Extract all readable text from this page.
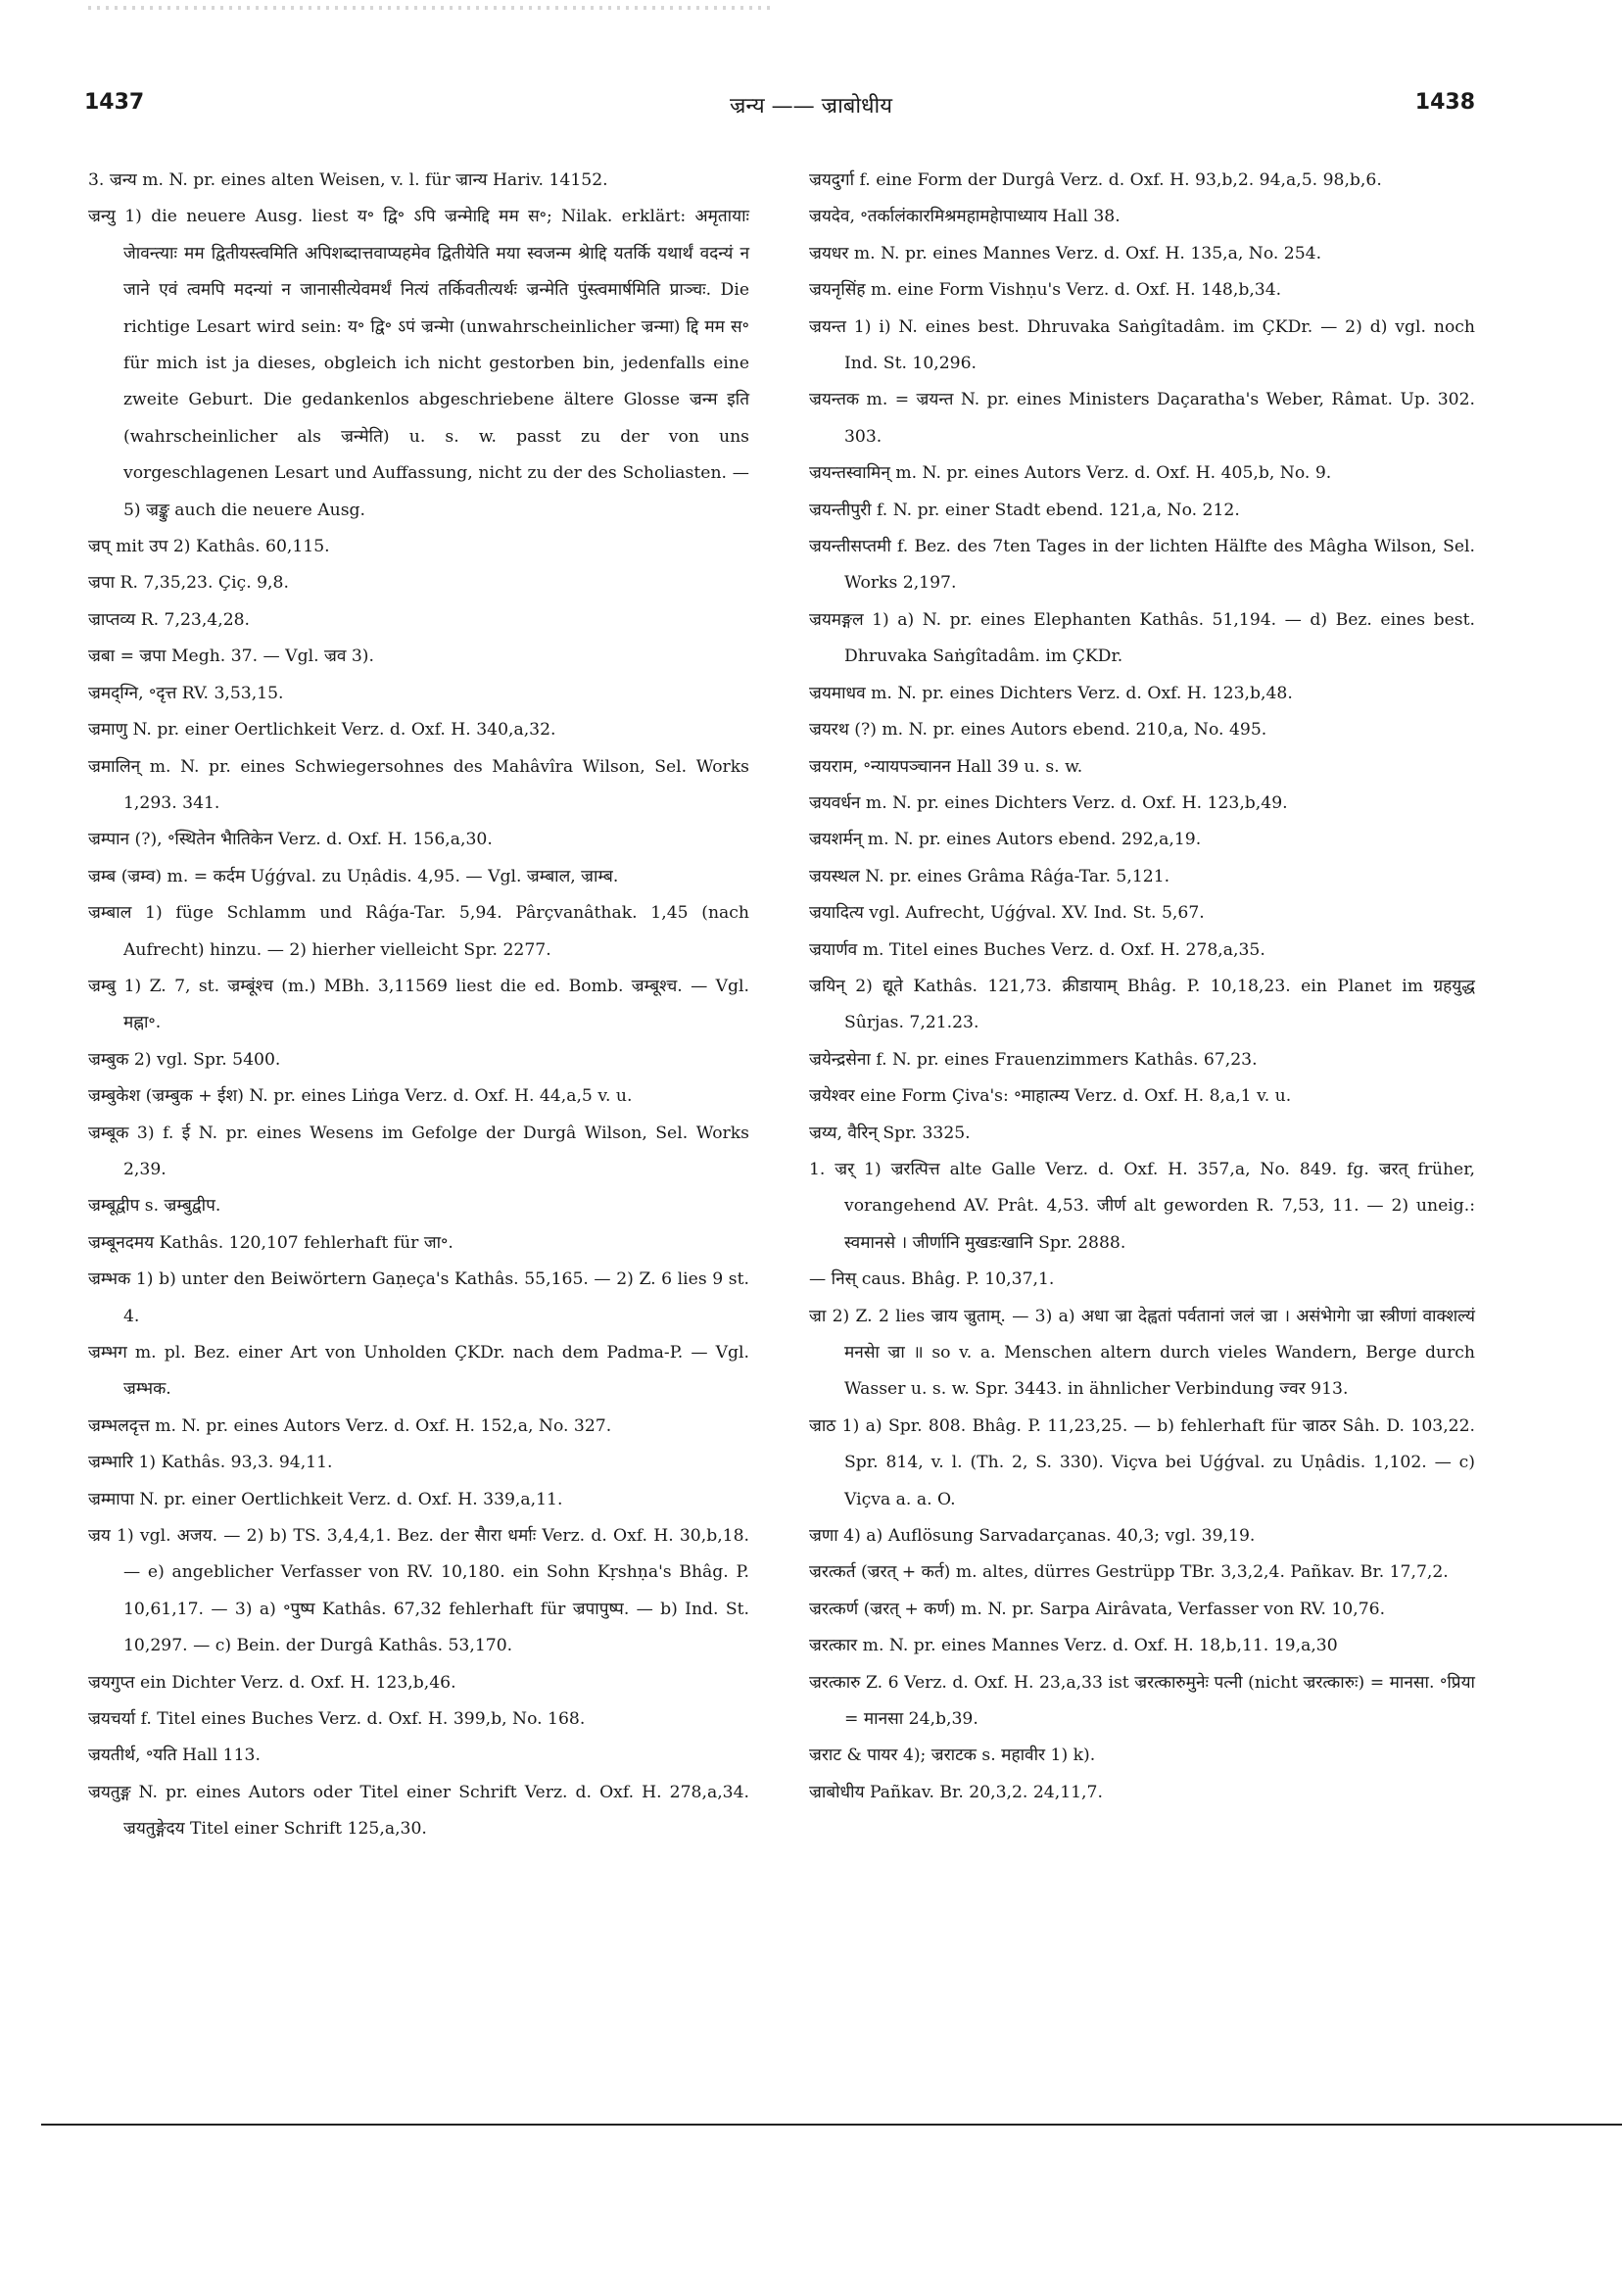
1437	ज्रन्य —— ज्राबोधीय	1438

3. ज्रन्य m. N. pr. eines alten Weisen, v. l. für ज्रान्य Hariv. 14152.

ज्रन्यु 1) die neuere Ausg. liest य॰ द्वि॰ ऽपि ज्रन्मेाद्दि मम स॰; Nilak. erklärt: अमृतायाः जेावन्त्याः मम द्वितीयस्त्वमिति अपिशब्दात्तवाप्यहमेव द्वितीयेति मया स्वजन्म श्रेाद्दि यतर्कि यथार्थं वदन्यं न जाने एवं त्वमपि मदन्यां न जानासीत्येवमर्थं नित्यं तर्किवतीत्यर्थः ज्रन्मेति पुंस्त्वमार्षमिति प्राञ्चः. Die richtige Lesart wird sein: य॰ द्वि॰ ऽपं ज्रन्मेा (unwahrscheinlicher ज्रन्मा) द्दि मम स॰ für mich ist ja dieses, obgleich ich nicht gestorben bin, jedenfalls eine zweite Geburt. Die gedankenlos abgeschriebene ältere Glosse ज्रन्म इति (wahrscheinlicher als ज्रन्मेति) u. s. w. passt zu der von uns vorgeschlagenen Lesart und Auffassung, nicht zu der des Scholiasten. — 5) ज्रङ्कु auch die neuere Ausg.

ज्रप् mit उप 2) Kathâs. 60,115.

ज्रपा R. 7,35,23. Çiç. 9,8.

ज्राप्तव्य R. 7,23,4,28.

ज्रबा = ज्रपा Megh. 37. — Vgl. ज्रव 3).

ज्रमद्ग्नि, ॰दृत्त RV. 3,53,15.

ज्रमाणु N. pr. einer Oertlichkeit Verz. d. Oxf. H. 340,a,32.

ज्रमालिन् m. N. pr. eines Schwiegersohnes des Mahâvîra Wilson, Sel. Works 1,293. 341.

ज्रम्पान (?), ॰स्थितेन भैातिकेन Verz. d. Oxf. H. 156,a,30.

ज्रम्ब (ज्रम्व) m. = कर्दम Uǵǵval. zu Uṇâdis. 4,95. — Vgl. ज्रम्बाल, ज्राम्ब.

ज्रम्बाल 1) füge Schlamm und Râǵa-Tar. 5,94. Pârçvanâthak. 1,45 (nach Aufrecht) hinzu. — 2) hierher vielleicht Spr. 2277.

ज्रम्बु 1) Z. 7, st. ज्रम्बूंश्च (m.) MBh. 3,11569 liest die ed. Bomb. ज्रम्बूश्च. — Vgl. मह्ना॰.

ज्रम्बुक 2) vgl. Spr. 5400.

ज्रम्बुकेश (ज्रम्बुक + ईश) N. pr. eines Liṅga Verz. d. Oxf. H. 44,a,5 v. u.

ज्रम्बूक 3) f. ई N. pr. eines Wesens im Gefolge der Durgâ Wilson, Sel. Works 2,39.

ज्रम्बूद्वीप s. ज्रम्बुद्वीप.

ज्रम्बूनदमय Kathâs. 120,107 fehlerhaft für जा॰.

ज्रम्भक 1) b) unter den Beiwörtern Gaṇeça's Kathâs. 55,165. — 2) Z. 6 lies 9 st. 4.

ज्रम्भग m. pl. Bez. einer Art von Unholden ÇKDr. nach dem Padma-P. — Vgl. ज्रम्भक.

ज्रम्भलदृत्त m. N. pr. eines Autors Verz. d. Oxf. H. 152,a, No. 327.

ज्रम्भारि 1) Kathâs. 93,3. 94,11.

ज्रम्मापा N. pr. einer Oertlichkeit Verz. d. Oxf. H. 339,a,11.

ज्रय 1) vgl. अजय. — 2) b) TS. 3,4,4,1. Bez. der सैारा धर्माः Verz. d. Oxf. H. 30,b,18. — e) angeblicher Verfasser von RV. 10,180. ein Sohn Kṛshṇa's Bhâg. P. 10,61,17. — 3) a) ॰पुष्प Kathâs. 67,32 fehlerhaft für ज्रपापुष्प. — b) Ind. St. 10,297. — c) Bein. der Durgâ Kathâs. 53,170.

ज्रयगुप्त ein Dichter Verz. d. Oxf. H. 123,b,46.

ज्रयचर्या f. Titel eines Buches Verz. d. Oxf. H. 399,b, No. 168.

ज्रयतीर्थ, ॰यति Hall 113.

ज्रयतुङ्ग N. pr. eines Autors oder Titel einer Schrift Verz. d. Oxf. H. 278,a,34. ज्रयतुङ्गेदय Titel einer Schrift 125,a,30.

ज्रयदुर्गा f. eine Form der Durgâ Verz. d. Oxf. H. 93,b,2. 94,a,5. 98,b,6.

ज्रयदेव, ॰तर्कालंकारमिश्रमहामहेापाध्याय Hall 38.

ज्रयधर m. N. pr. eines Mannes Verz. d. Oxf. H. 135,a, No. 254.

ज्रयनृसिंह m. eine Form Vishṇu's Verz. d. Oxf. H. 148,b,34.

ज्रयन्त 1) i) N. eines best. Dhruvaka Saṅgîtadâm. im ÇKDr. — 2) d) vgl. noch Ind. St. 10,296.

ज्रयन्तक m. = ज्रयन्त N. pr. eines Ministers Daçaratha's Weber, Râmat. Up. 302. 303.

ज्रयन्तस्वामिन् m. N. pr. eines Autors Verz. d. Oxf. H. 405,b, No. 9.

ज्रयन्तीपुरी f. N. pr. einer Stadt ebend. 121,a, No. 212.

ज्रयन्तीसप्तमी f. Bez. des 7ten Tages in der lichten Hälfte des Mâgha Wilson, Sel. Works 2,197.

ज्रयमङ्गल 1) a) N. pr. eines Elephanten Kathâs. 51,194. — d) Bez. eines best. Dhruvaka Saṅgîtadâm. im ÇKDr.

ज्रयमाधव m. N. pr. eines Dichters Verz. d. Oxf. H. 123,b,48.

ज्रयरथ (?) m. N. pr. eines Autors ebend. 210,a, No. 495.

ज्रयराम, ॰न्यायपञ्चानन Hall 39 u. s. w.

ज्रयवर्धन m. N. pr. eines Dichters Verz. d. Oxf. H. 123,b,49.

ज्रयशर्मन् m. N. pr. eines Autors ebend. 292,a,19.

ज्रयस्थल N. pr. eines Grâma Râǵa-Tar. 5,121.

ज्रयादित्य vgl. Aufrecht, Uǵǵval. XV. Ind. St. 5,67.

ज्रयार्णव m. Titel eines Buches Verz. d. Oxf. H. 278,a,35.

ज्रयिन् 2) द्यूते Kathâs. 121,73. क्रीडायाम् Bhâg. P. 10,18,23. ein Planet im ग्रहयुद्ध Sûrjas. 7,21.23.

ज्रयेन्द्रसेना f. N. pr. eines Frauenzimmers Kathâs. 67,23.

ज्रयेश्वर eine Form Çiva's: ॰माहात्म्य Verz. d. Oxf. H. 8,a,1 v. u.

ज्रय्य, वैरिन् Spr. 3325.

1. ज्रर् 1) ज्ररत्पित्त alte Galle Verz. d. Oxf. H. 357,a, No. 849. fg. ज्ररत् früher, vorangehend AV. Prât. 4,53. जीर्ण alt geworden R. 7,53, 11. — 2) uneig.: स्वमानसे । जीर्णानि मुखडःखानि Spr. 2888.

— निस् caus. Bhâg. P. 10,37,1.

ज्रा 2) Z. 2 lies ज्राय ज्रुताम्. — 3) a) अधा ज्रा देह्वतां पर्वतानां जलं ज्रा । असंभेागेा ज्रा स्त्रीणां वाक्शल्यं मनसेा ज्रा ॥ so v. a. Menschen altern durch vieles Wandern, Berge durch Wasser u. s. w. Spr. 3443. in ähnlicher Verbindung ज्वर 913.

ज्राठ 1) a) Spr. 808. Bhâg. P. 11,23,25. — b) fehlerhaft für ज्राठर Sâh. D. 103,22. Spr. 814, v. l. (Th. 2, S. 330). Viçva bei Uǵǵval. zu Uṇâdis. 1,102. — c) Viçva a. a. O.

ज्रणा 4) a) Auflösung Sarvadarçanas. 40,3; vgl. 39,19.

ज्ररत्कर्त (ज्ररत् + कर्त) m. altes, dürres Gestrüpp TBr. 3,3,2,4. Pañkav. Br. 17,7,2.

ज्ररत्कर्ण (ज्ररत् + कर्ण) m. N. pr. Sarpa Airâvata, Verfasser von RV. 10,76.

ज्ररत्कार m. N. pr. eines Mannes Verz. d. Oxf. H. 18,b,11. 19,a,30

ज्ररत्कारु Z. 6 Verz. d. Oxf. H. 23,a,33 ist ज्ररत्कारुमुनेः पत्नी (nicht ज्ररत्कारुः) = मानसा. ॰प्रिया = मानसा 24,b,39.

ज्रराट & पायर 4); ज्रराटक s. महावीर 1) k).

ज्राबोधीय Pañkav. Br. 20,3,2. 24,11,7.
